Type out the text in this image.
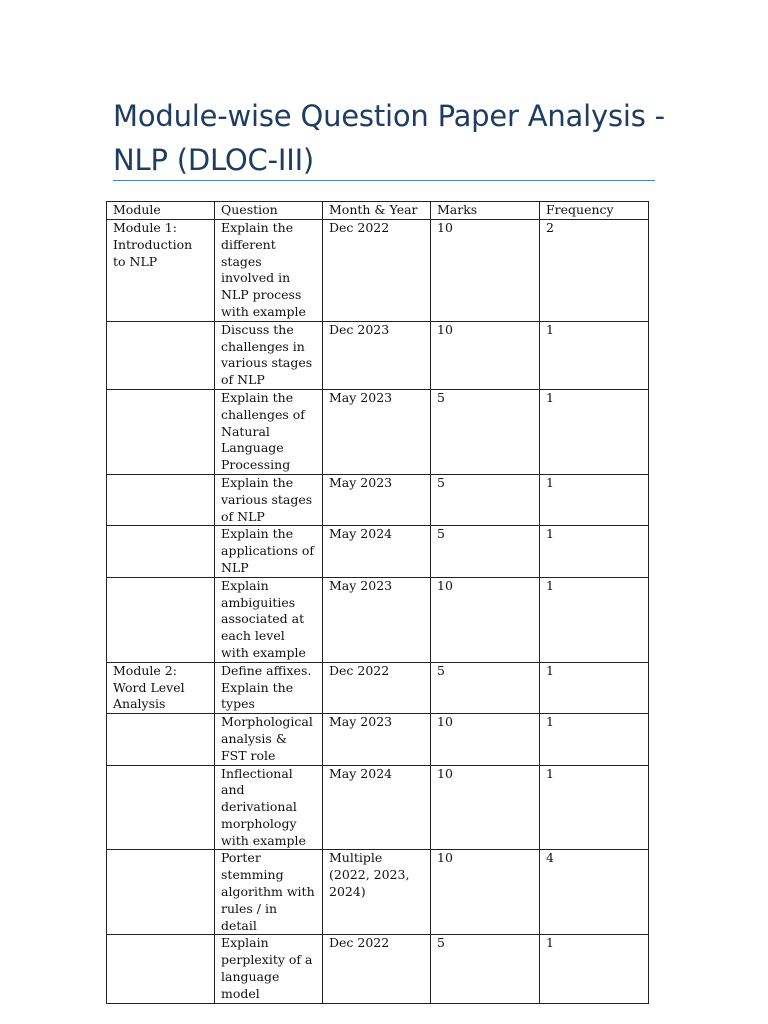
Module-wise Question Paper Analysis - NLP (DLOC-III)
Module	Question	Month & Year	Marks	Frequency
Module 1: Introduction to NLP	Explain the different stages involved in NLP process with example	Dec 2022	10	2
	Discuss the challenges in various stages of NLP	Dec 2023	10	1
	Explain the challenges of Natural Language Processing	May 2023	5	1
	Explain the various stages of NLP	May 2023	5	1
	Explain the applications of NLP	May 2024	5	1
	Explain ambiguities associated at each level with example	May 2023	10	1
Module 2: Word Level Analysis	Define affixes. Explain the types	Dec 2022	5	1
	Morphological analysis & FST role	May 2023	10	1
	Inflectional and derivational morphology with example	May 2024	10	1
	Porter stemming algorithm with rules / in detail	Multiple (2022, 2023, 2024)	10	4
	Explain perplexity of a language model	Dec 2022	5	1
